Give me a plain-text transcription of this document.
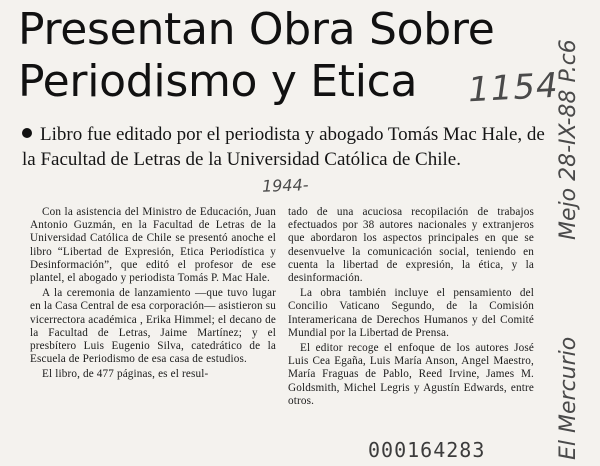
Presentan Obra Sobre
Periodismo y Etica	1154
Libro fue editado por el periodista y abogado Tomás Mac Hale, de la Facultad de Letras de la Universidad Católica de Chile.
1944-

Con la asistencia del Ministro de Educación, Juan Antonio Guzmán, en la Facultad de Letras de la Universidad Católica de Chile se presentó anoche el libro “Libertad de Expresión, Etica Periodística y Desinformación”, que editó el profesor de ese plantel, el abogado y periodista Tomás P. Mac Hale.

A la ceremonia de lanzamiento —que tuvo lugar en la Casa Central de esa corporación— asistieron su vicerrectora académica , Erika Himmel; el decano de la Facultad de Letras, Jaime Martínez; y el presbítero Luis Eugenio Silva, catedrático de la Escuela de Periodismo de esa casa de estudios.

El libro, de 477 páginas, es el resul-

tado de una acuciosa recopilación de trabajos efectuados por 38 autores nacionales y extranjeros que abordaron los aspectos principales en que se desenvuelve la comunicación social, teniendo en cuenta la libertad de expresión, la ética, y la desinformación.

La obra también incluye el pensamiento del Concilio Vaticano Segundo, de la Comisión Interamericana de Derechos Humanos y del Comité Mundial por la Libertad de Prensa.

El editor recoge el enfoque de los autores José Luis Cea Egaña, Luis María Anson, Angel Maestro, María Fraguas de Pablo, Reed Irvine, James M. Goldsmith, Michel Legris y Agustín Edwards, entre otros.

Mejo 28-IX-88 P.c6
El Mercurio
000164283
